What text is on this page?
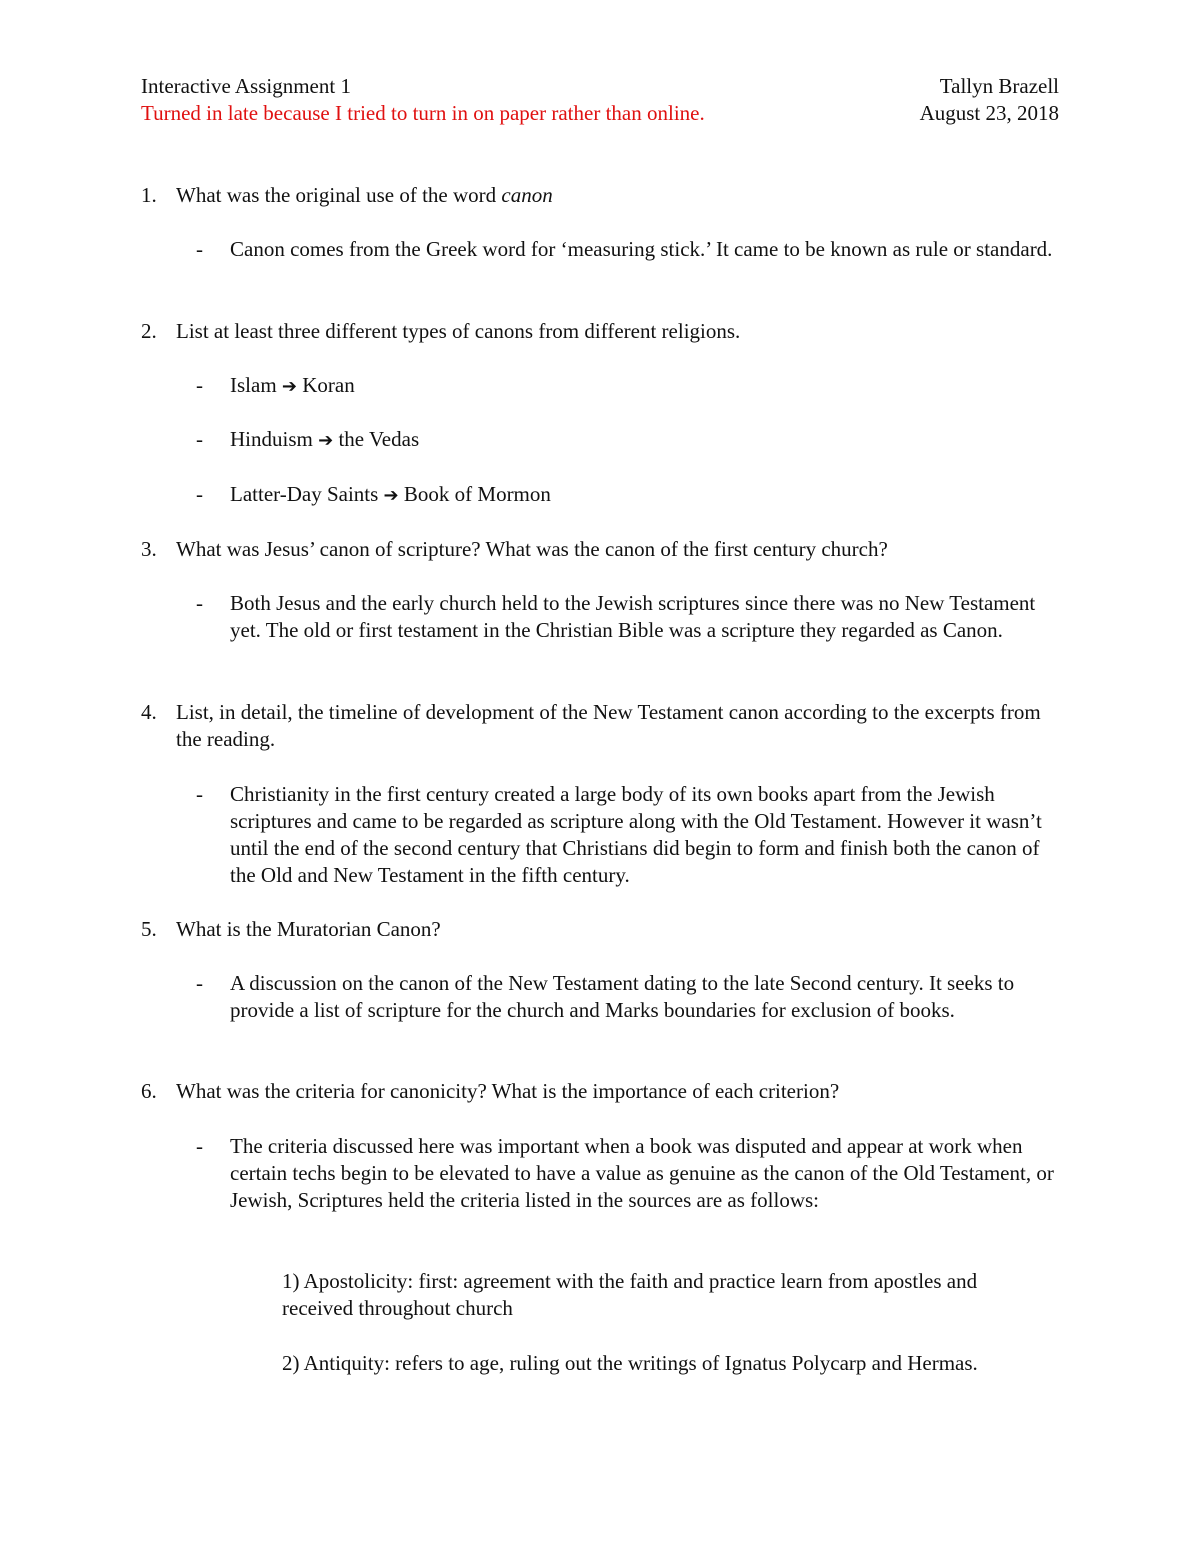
Interactive Assignment 1	Tallyn Brazell
Turned in late because I tried to turn in on paper rather than online.	August 23, 2018
1. What was the original use of the word canon
- Canon comes from the Greek word for ‘measuring stick.’ It came to be known as rule or standard.
2. List at least three different types of canons from different religions.
- Islam ➔ Koran
- Hinduism ➔ the Vedas
- Latter-Day Saints ➔ Book of Mormon
3. What was Jesus’ canon of scripture? What was the canon of the first century church?
- Both Jesus and the early church held to the Jewish scriptures since there was no New Testament yet. The old or first testament in the Christian Bible was a scripture they regarded as Canon.
4. List, in detail, the timeline of development of the New Testament canon according to the excerpts from the reading.
- Christianity in the first century created a large body of its own books apart from the Jewish scriptures and came to be regarded as scripture along with the Old Testament. However it wasn’t until the end of the second century that Christians did begin to form and finish both the canon of the Old and New Testament in the fifth century.
5. What is the Muratorian Canon?
- A discussion on the canon of the New Testament dating to the late Second century. It seeks to provide a list of scripture for the church and Marks boundaries for exclusion of books.
6. What was the criteria for canonicity? What is the importance of each criterion?
- The criteria discussed here was important when a book was disputed and appear at work when certain techs begin to be elevated to have a value as genuine as the canon of the Old Testament, or Jewish, Scriptures held the criteria listed in the sources are as follows:
1) Apostolicity: first: agreement with the faith and practice learn from apostles and received throughout church
2) Antiquity: refers to age, ruling out the writings of Ignatus Polycarp and Hermas.
